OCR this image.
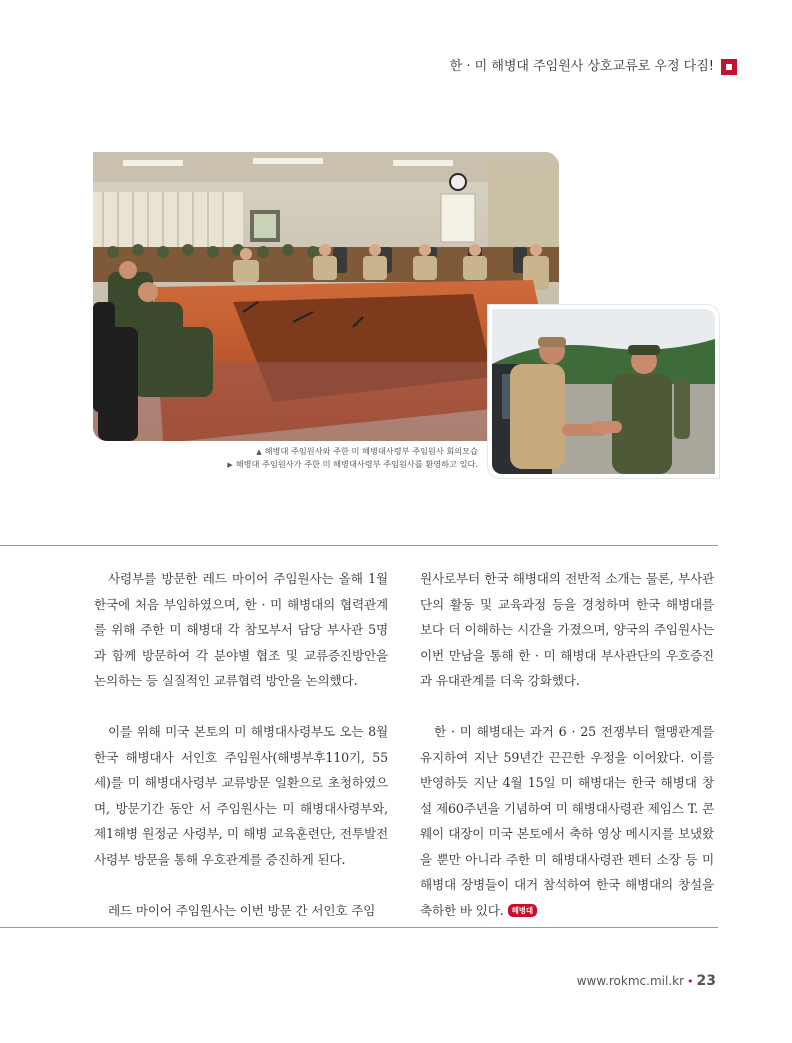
한 · 미 해병대 주임원사 상호교류로 우정 다짐!
▲ 해병대 주임원사와 주한 미 해병대사령부 주임원사 회의모습
▶ 해병대 주임원사가 주한 미 해병대사령부 주임원사를 환영하고 있다.

사령부를 방문한 레드 마이어 주임원사는 올해 1월 한국에 처음 부임하였으며, 한 · 미 해병대의 협력관계를 위해 주한 미 해병대 각 참모부서 담당 부사관 5명과 함께 방문하여 각 분야별 협조 및 교류증진방안을 논의하는 등 실질적인 교류협력 방안을 논의했다.

이를 위해 미국 본토의 미 해병대사령부도 오는 8월 한국 해병대사 서인호 주임원사(해병부후110기, 55세)를 미 해병대사령부 교류방문 일환으로 초청하였으며, 방문기간 동안 서 주임원사는 미 해병대사령부와, 제1해병 원정군 사령부, 미 해병 교육훈련단, 전투발전 사령부 방문을 통해 우호관계를 증진하게 된다.

레드 마이어 주임원사는 이번 방문 간 서인호 주임

원사로부터 한국 해병대의 전반적 소개는 물론, 부사관단의 활동 및 교육과정 등을 경청하며 한국 해병대를 보다 더 이해하는 시간을 가졌으며, 양국의 주임원사는 이번 만남을 통해 한 · 미 해병대 부사관단의 우호증진과 유대관계를 더욱 강화했다.

한 · 미 해병대는 과거 6 · 25 전쟁부터 혈맹관계를 유지하여 지난 59년간 끈끈한 우정을 이어왔다. 이를 반영하듯 지난 4월 15일 미 해병대는 한국 해병대 창설 제60주년을 기념하여 미 해병대사령관 제임스 T. 콘웨이 대장이 미국 본토에서 축하 영상 메시지를 보냈왔을 뿐만 아니라 주한 미 해병대사령관 펜터 소장 등 미 해병대 장병들이 대거 참석하여 한국 해병대의 창설을 축하한 바 있다. 해병대

www.rokmc.mil.kr • 23
